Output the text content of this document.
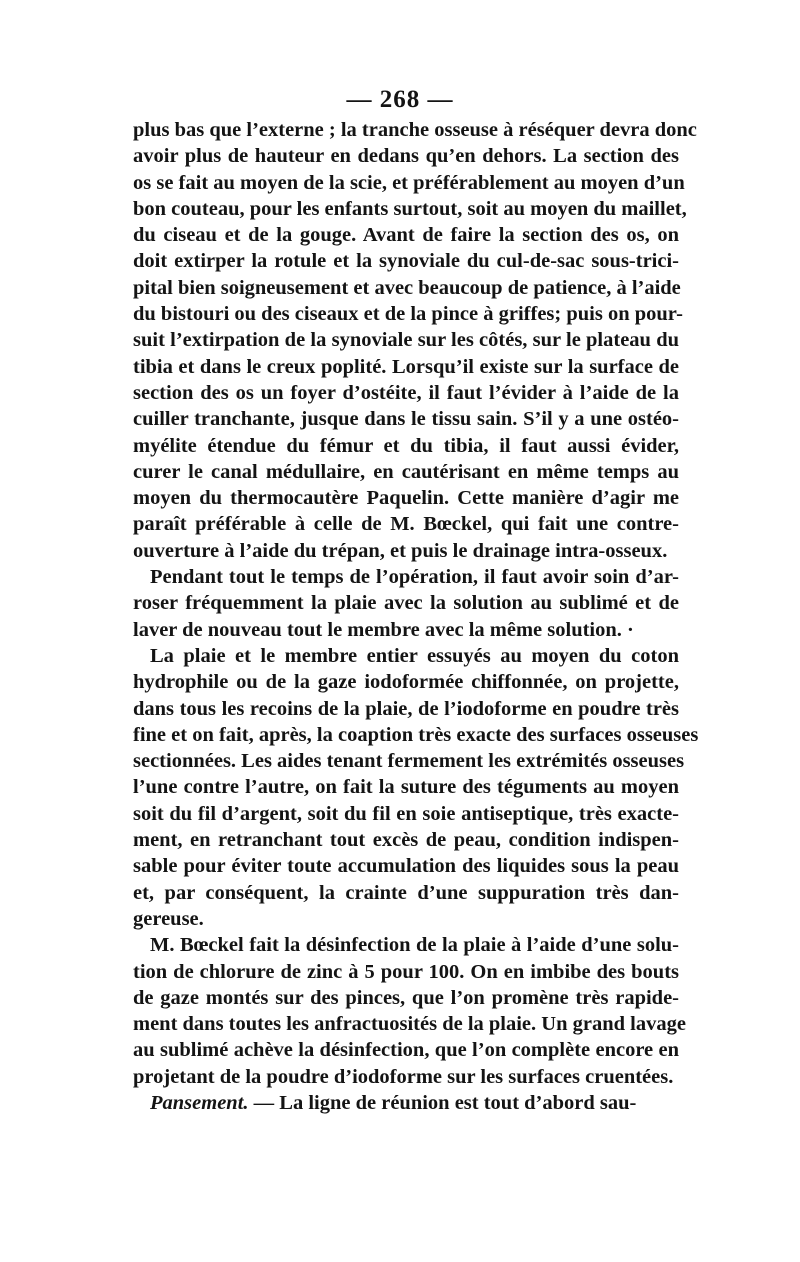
— 268 —
plus bas que l’externe ; la tranche osseuse à réséquer devra donc
avoir plus de hauteur en dedans qu’en dehors. La section des
os se fait au moyen de la scie, et préférablement au moyen d’un
bon couteau, pour les enfants surtout, soit au moyen du maillet,
du ciseau et de la gouge. Avant de faire la section des os, on
doit extirper la rotule et la synoviale du cul-de-sac sous-trici-
pital bien soigneusement et avec beaucoup de patience, à l’aide
du bistouri ou des ciseaux et de la pince à griffes; puis on pour-
suit l’extirpation de la synoviale sur les côtés, sur le plateau du
tibia et dans le creux poplité. Lorsqu’il existe sur la surface de
section des os un foyer d’ostéite, il faut l’évider à l’aide de la
cuiller tranchante, jusque dans le tissu sain. S’il y a une ostéo-
myélite étendue du fémur et du tibia, il faut aussi évider,
curer le canal médullaire, en cautérisant en même temps au
moyen du thermocautère Paquelin. Cette manière d’agir me
paraît préférable à celle de M. Bœckel, qui fait une contre-
ouverture à l’aide du trépan, et puis le drainage intra-osseux.
Pendant tout le temps de l’opération, il faut avoir soin d’ar-
roser fréquemment la plaie avec la solution au sublimé et de
laver de nouveau tout le membre avec la même solution. ·
La plaie et le membre entier essuyés au moyen du coton
hydrophile ou de la gaze iodoformée chiffonnée, on projette,
dans tous les recoins de la plaie, de l’iodoforme en poudre très
fine et on fait, après, la coaption très exacte des surfaces osseuses
sectionnées. Les aides tenant fermement les extrémités osseuses
l’une contre l’autre, on fait la suture des téguments au moyen
soit du fil d’argent, soit du fil en soie antiseptique, très exacte-
ment, en retranchant tout excès de peau, condition indispen-
sable pour éviter toute accumulation des liquides sous la peau
et, par conséquent, la crainte d’une suppuration très dan-
gereuse.
M. Bœckel fait la désinfection de la plaie à l’aide d’une solu-
tion de chlorure de zinc à 5 pour 100. On en imbibe des bouts
de gaze montés sur des pinces, que l’on promène très rapide-
ment dans toutes les anfractuosités de la plaie. Un grand lavage
au sublimé achève la désinfection, que l’on complète encore en
projetant de la poudre d’iodoforme sur les surfaces cruentées.
Pansement. — La ligne de réunion est tout d’abord sau-
